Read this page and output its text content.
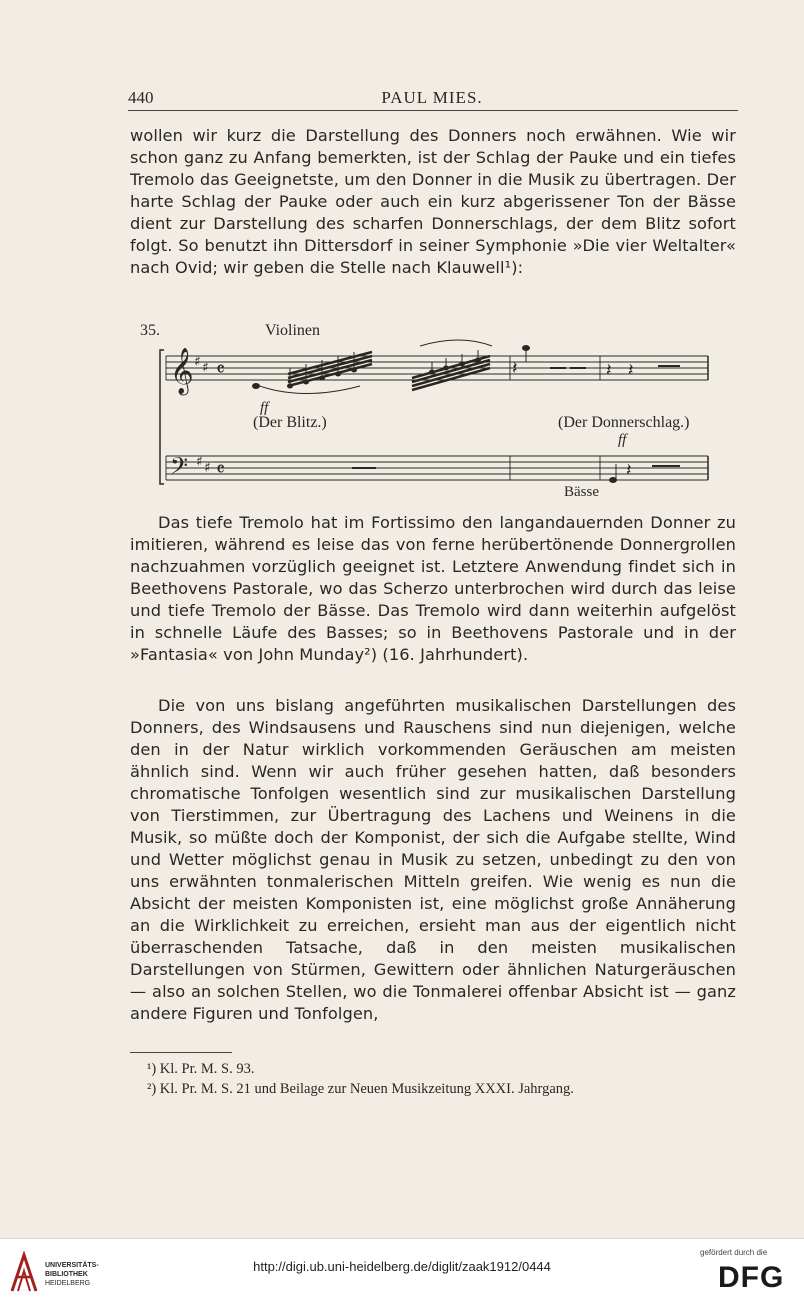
440	PAUL MIES.

wollen wir kurz die Darstellung des Donners noch erwähnen. Wie wir schon ganz zu Anfang bemerkten, ist der Schlag der Pauke und ein tiefes Tremolo das Geeignetste, um den Donner in die Musik zu übertragen. Der harte Schlag der Pauke oder auch ein kurz abgerissener Ton der Bässe dient zur Darstellung des scharfen Donnerschlags, der dem Blitz sofort folgt. So benutzt ihn Dittersdorf in seiner Symphonie »Die vier Weltalter« nach Ovid; wir geben die Stelle nach Klauwell¹):

35.	Violinen
𝄞 ♯ ♯ 𝄴
𝄢 ♯ ♯ 𝄴
𝄽	𝄽 𝄽
𝄽
ff
(Der Blitz.)	(Der Donnerschlag.)
ff
Bässe

Das tiefe Tremolo hat im Fortissimo den langandauernden Donner zu imitieren, während es leise das von ferne herübertönende Donnergrollen nachzuahmen vorzüglich geeignet ist. Letztere Anwendung findet sich in Beethovens Pastorale, wo das Scherzo unterbrochen wird durch das leise und tiefe Tremolo der Bässe. Das Tremolo wird dann weiterhin aufgelöst in schnelle Läufe des Basses; so in Beethovens Pastorale und in der »Fantasia« von John Munday²) (16. Jahrhundert).

Die von uns bislang angeführten musikalischen Darstellungen des Donners, des Windsausens und Rauschens sind nun diejenigen, welche den in der Natur wirklich vorkommenden Geräuschen am meisten ähnlich sind. Wenn wir auch früher gesehen hatten, daß besonders chromatische Tonfolgen wesentlich sind zur musikalischen Darstellung von Tierstimmen, zur Übertragung des Lachens und Weinens in die Musik, so müßte doch der Komponist, der sich die Aufgabe stellte, Wind und Wetter möglichst genau in Musik zu setzen, unbedingt zu den von uns erwähnten tonmalerischen Mitteln greifen. Wie wenig es nun die Absicht der meisten Komponisten ist, eine möglichst große Annäherung an die Wirklichkeit zu erreichen, ersieht man aus der eigentlich nicht überraschenden Tatsache, daß in den meisten musikalischen Darstellungen von Stürmen, Gewittern oder ähnlichen Naturgeräuschen — also an solchen Stellen, wo die Tonmalerei offenbar Absicht ist — ganz andere Figuren und Tonfolgen,

¹) Kl. Pr. M. S. 93.
²) Kl. Pr. M. S. 21 und Beilage zur Neuen Musikzeitung XXXI. Jahrgang.
UNIVERSITÄTS-
BIBLIOTHEK
HEIDELBERG
http://digi.ub.uni-heidelberg.de/diglit/zaak1912/0444
gefördert durch die
DFG
